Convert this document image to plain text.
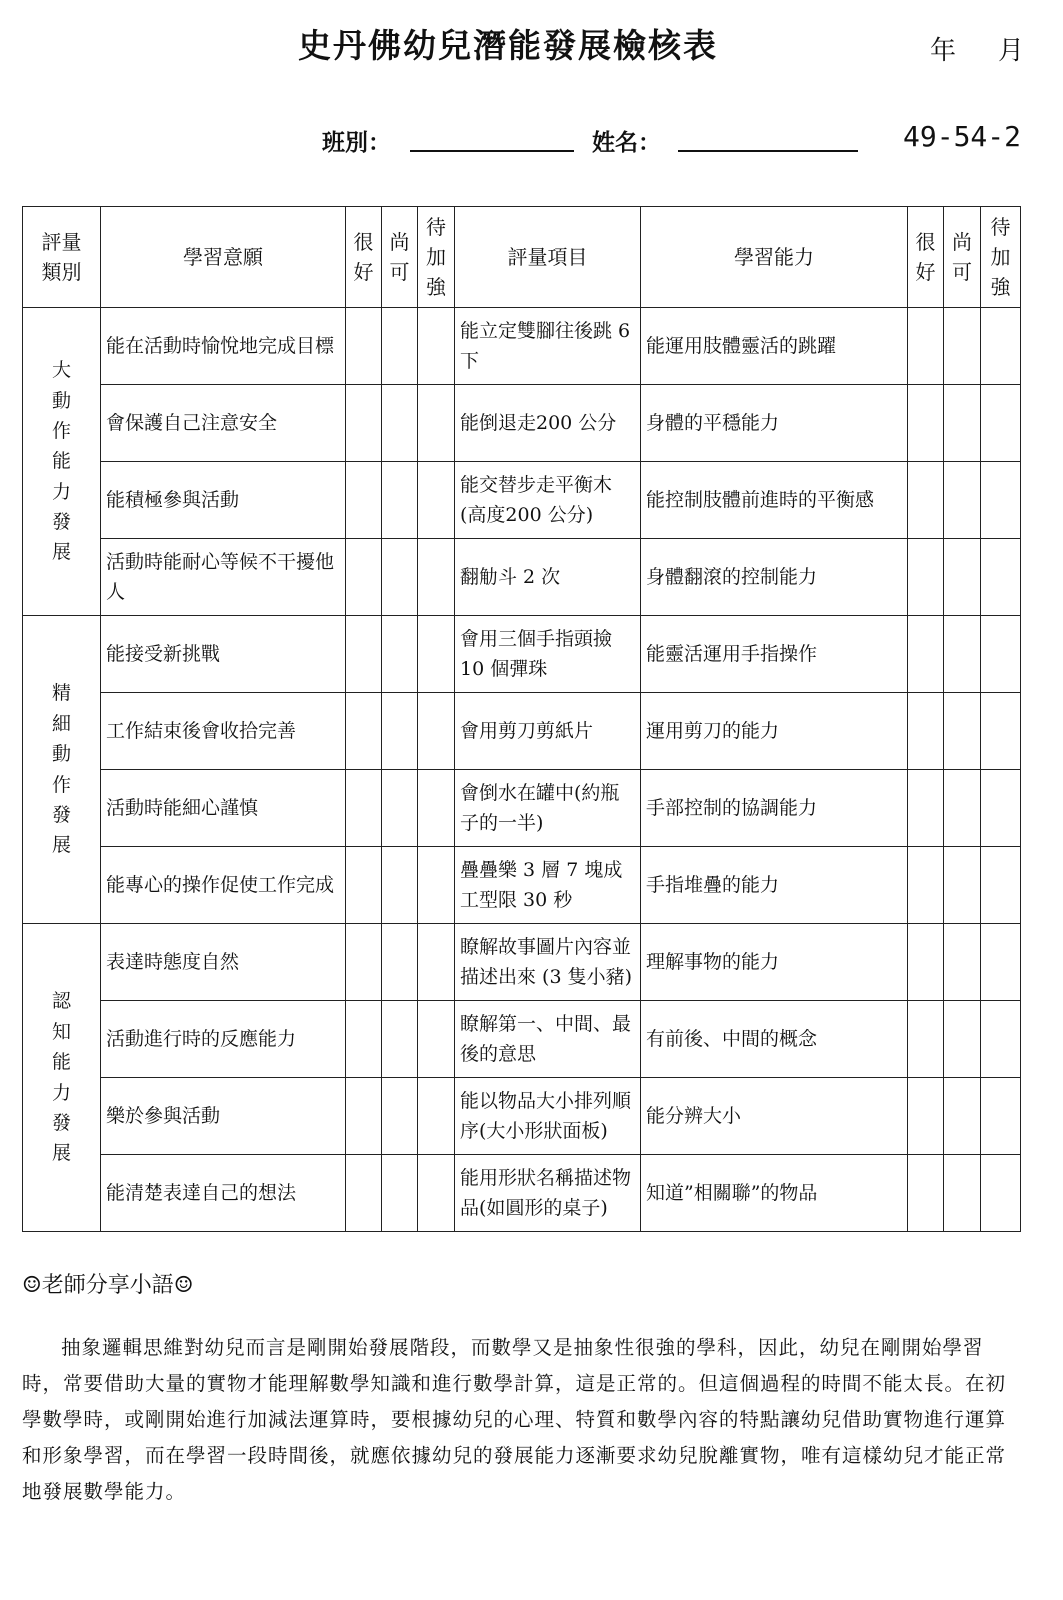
史丹佛幼兒潛能發展檢核表	年 月
班別：	姓名：	49-54-2
評量類別	學習意願	很好	尚可	待加強	評量項目	學習能力	很好	尚可	待加強
大動作能力發展	能在活動時愉悅地完成目標				能立定雙腳往後跳 6 下	能運用肢體靈活的跳躍			
	會保護自己注意安全				能倒退走200 公分	身體的平穩能力			
	能積極參與活動				能交替步走平衡木(高度200 公分)	能控制肢體前進時的平衡感			
	活動時能耐心等候不干擾他人				翻觔斗 2 次	身體翻滾的控制能力			
精細動作發展	能接受新挑戰				會用三個手指頭撿 10 個彈珠	能靈活運用手指操作			
	工作結束後會收拾完善				會用剪刀剪紙片	運用剪刀的能力			
	活動時能細心謹慎				會倒水在罐中(約瓶子的一半)	手部控制的協調能力			
	能專心的操作促使工作完成				疊疊樂 3 層 7 塊成工型限 30 秒	手指堆疊的能力			
認知能力發展	表達時態度自然				瞭解故事圖片內容並描述出來 (3 隻小豬)	理解事物的能力			
	活動進行時的反應能力				瞭解第一、中間、最後的意思	有前後、中間的概念			
	樂於參與活動				能以物品大小排列順序(大小形狀面板)	能分辨大小			
	能清楚表達自己的想法				能用形狀名稱描述物品(如圓形的桌子)	知道”相關聯”的物品			
☺老師分享小語☺
抽象邏輯思維對幼兒而言是剛開始發展階段，而數學又是抽象性很強的學科，因此，幼兒在剛開始學習時，常要借助大量的實物才能理解數學知識和進行數學計算，這是正常的。但這個過程的時間不能太長。在初學數學時，或剛開始進行加減法運算時，要根據幼兒的心理、特質和數學內容的特點讓幼兒借助實物進行運算和形象學習，而在學習一段時間後，就應依據幼兒的發展能力逐漸要求幼兒脫離實物，唯有這樣幼兒才能正常地發展數學能力。
